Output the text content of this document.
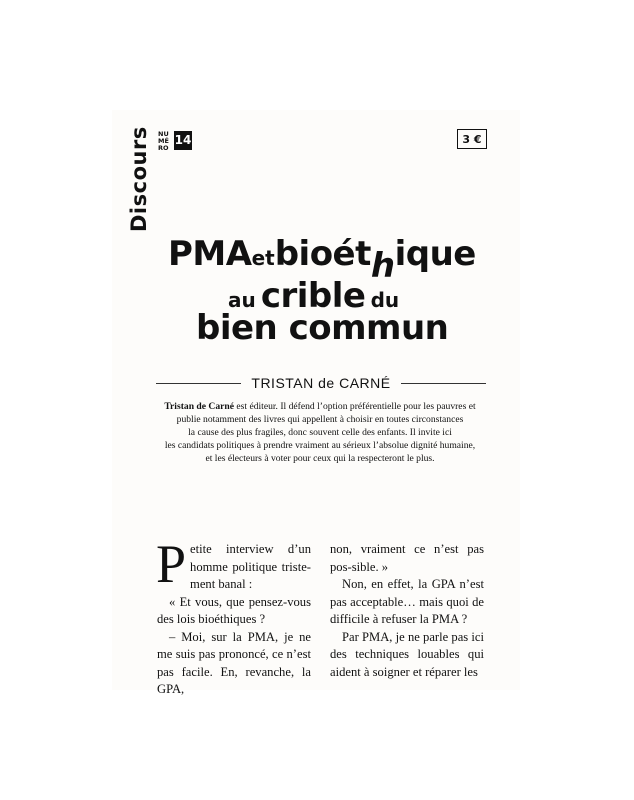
Discours	NU
MÉ
RO
14	3 €
PMAetbioéthique
au crible du
bien commun
TRISTAN de CARNÉ
Tristan de Carné est éditeur. Il défend l’option préférentielle pour les pauvres et
publie notamment des livres qui appellent à choisir en toutes circonstances
la cause des plus fragiles, donc souvent celle des enfants. Il invite ici
les candidats politiques à prendre vraiment au sérieux l’absolue dignité humaine,
et les électeurs à voter pour ceux qui la respecteront le plus.

Petite interview d’un homme politique triste-ment banal :

« Et vous, que pensez-vous des lois bioéthiques ?

– Moi, sur la PMA, je ne me suis pas prononcé, ce n’est pas facile. En, revanche, la GPA,

non, vraiment ce n’est pas pos-sible. »

Non, en effet, la GPA n’est pas acceptable… mais quoi de difficile à refuser la PMA ?

Par PMA, je ne parle pas ici des techniques louables qui aident à soigner et réparer les
